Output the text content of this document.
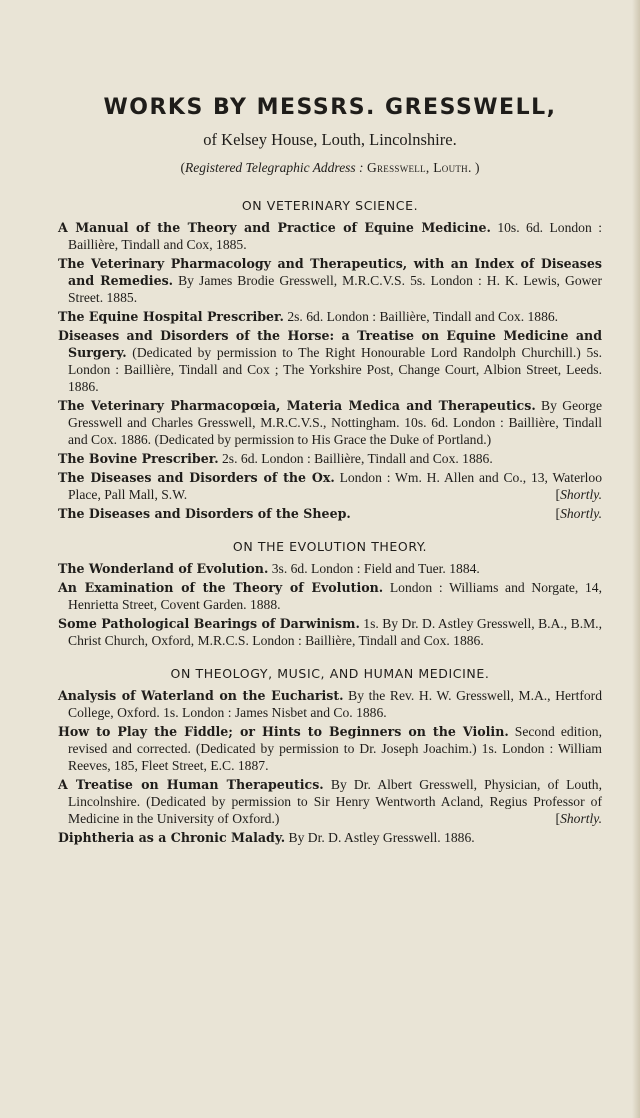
WORKS BY MESSRS. GRESSWELL,

of Kelsey House, Louth, Lincolnshire.

(Registered Telegraphic Address : Gresswell, Louth. )

ON VETERINARY SCIENCE.

A Manual of the Theory and Practice of Equine Medicine. 10s. 6d. London : Baillière, Tindall and Cox, 1885.

The Veterinary Pharmacology and Therapeutics, with an Index of Diseases and Remedies. By James Brodie Gresswell, M.R.C.V.S. 5s. London : H. K. Lewis, Gower Street. 1885.

The Equine Hospital Prescriber. 2s. 6d. London : Baillière, Tindall and Cox. 1886.

Diseases and Disorders of the Horse: a Treatise on Equine Medicine and Surgery. (Dedicated by permission to The Right Honourable Lord Randolph Churchill.) 5s. London : Baillière, Tindall and Cox ; The Yorkshire Post, Change Court, Albion Street, Leeds. 1886.

The Veterinary Pharmacopœia, Materia Medica and Therapeutics. By George Gresswell and Charles Gresswell, M.R.C.V.S., Nottingham. 10s. 6d. London : Baillière, Tindall and Cox. 1886. (Dedicated by permission to His Grace the Duke of Portland.)

The Bovine Prescriber. 2s. 6d. London : Baillière, Tindall and Cox. 1886.

The Diseases and Disorders of the Ox. London : Wm. H. Allen and Co., 13, Waterloo Place, Pall Mall, S.W.	[ Shortly.

The Diseases and Disorders of the Sheep.	[ Shortly.

ON THE EVOLUTION THEORY.

The Wonderland of Evolution. 3s. 6d. London : Field and Tuer. 1884.

An Examination of the Theory of Evolution. London : Williams and Norgate, 14, Henrietta Street, Covent Garden. 1888.

Some Pathological Bearings of Darwinism. 1s. By Dr. D. Astley Gresswell, B.A., B.M., Christ Church, Oxford, M.R.C.S. London : Baillière, Tindall and Cox. 1886.

ON THEOLOGY, MUSIC, AND HUMAN MEDICINE.

Analysis of Waterland on the Eucharist. By the Rev. H. W. Gresswell, M.A., Hertford College, Oxford. 1s. London : James Nisbet and Co. 1886.

How to Play the Fiddle; or Hints to Beginners on the Violin. Second edition, revised and corrected. (Dedicated by permission to Dr. Joseph Joachim.) 1s. London : William Reeves, 185, Fleet Street, E.C. 1887.

A Treatise on Human Therapeutics. By Dr. Albert Gresswell, Physician, of Louth, Lincolnshire. (Dedicated by permission to Sir Henry Wentworth Acland, Regius Professor of Medicine in the University of Oxford.)	[ Shortly.

Diphtheria as a Chronic Malady. By Dr. D. Astley Gresswell. 1886.
